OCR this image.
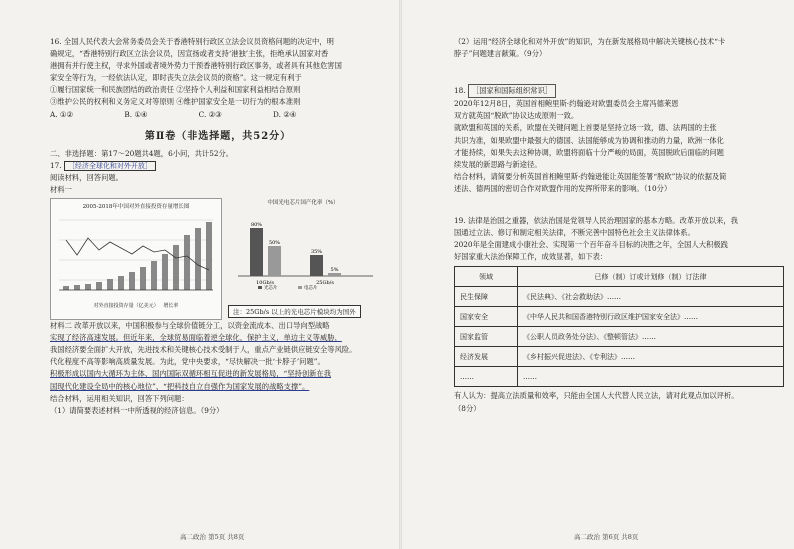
16. 全国人民代表大会常务委员会关于香港特别行政区立法会议员资格问题的决定中，明

确规定，“香港特别行政区立法会议员，因宣扬或者支持‘港独’主张，拒绝承认国家对香

港拥有并行使主权，寻求外国或者境外势力干预香港特别行政区事务，或者具有其他危害国

家安全等行为，一经依法认定，即时丧失立法会议员的资格”。这一规定有利于

①履行国家统一和民族团结的政治责任 ②坚持个人利益和国家利益相结合原则

③维护公民的权利和义务定义对等原则 ④维护国家安全是一切行为的根本准则

A. ①②	B. ①④	C. ②③	D. ②④

第Ⅱ卷（非选择题，共52分）

二、非选择题：第17～20题共4题，6小问，共计52分。

17. ［经济全球化和对外开放］

阅读材料，回答问题。

材料一

2005-2018年中国对外直接投资存量增长图
对外直接投资存量（亿美元） 增长率
中国光电芯片国产化率（%）
80%
50%
10Gb/s
35%
5%
25Gb/s
光芯片	电芯片
注：25Gb/s 以上的光电芯片模块均为国外

材料二 改革开放以来，中国积极参与全球价值链分工，以资金流成本、出口导向型战略

实现了经济高速发展。但近年来，全球贸易面临着逆全球化，保护主义，单边主义等威胁，

我国经济要全面扩大开放，先进技术和关键核心技术受制于人，重点产业链供应链安全等风险。

代化程度不高等影响高质量发展。为此，党中央要求，“尽快解决一批‘卡脖子’问题”。

积极形成以国内大循环为主体、国内国际双循环相互促进的新发展格局，“坚持创新在我

国现代化建设全局中的核心地位”、“把科技自立自强作为国家发展的战略支撑”。

结合材料，运用相关知识，回答下列问题：

（1）请简要表述材料一中所透视的经济信息。（9分）

高二政治 第5页 共8页

（2）运用“经济全球化和对外开放”的知识，为在新发展格局中解决关键核心技术“卡

脖子”问题建言献策。（9分）

18. ［国家和国际组织常识］

2020年12月8日，英国首相鲍里斯·约翰逊对欧盟委员会主席冯德莱恩

双方就英国“脱欧”协议达成原则一致。

就欧盟和英国的关系，欧盟在关键问题上首要是坚持立场一致，德、法两国的主张

共识为准，如果欧盟中最强大的德国、法国能够成为协调和推动的力量，欧洲一体化

才能持续，如果失去这种协调，欧盟将面临十分严峻的局面，英国脱欧后面临的问题

续发展的新思路与新途径。

结合材料，请简要分析英国首相鲍里斯·约翰逊能让英国能签署“脱欧”协议的依据及简

述法、德两国的密切合作对欧盟作用的发挥所带来的影响。（10分）

19. 法律是治国之重器，依法治国是党领导人民治理国家的基本方略。改革开放以来，我

国通过立法、修订和制定相关法律，不断完善中国特色社会主义法律体系。

2020年是全面建成小康社会、实现第一个百年奋斗目标的决胜之年，全国人大积极践

好国家重大法治保障工作，成效显著，如下表：

领域	已修（制）订或计划修（制）订法律
民生保障	《民法典》、《社会救助法》……
国家安全	《中华人民共和国香港特别行政区维护国家安全法》……
国家监管	《公职人员政务处分法》、《整顿管法》……
经济发展	《乡村振兴促进法》、《专利法》……
……	……

有人认为：提高立法质量和效率，只能由全国人大代替人民立法，请对此观点加以评析。

（8分）

高二政治 第6页 共8页
